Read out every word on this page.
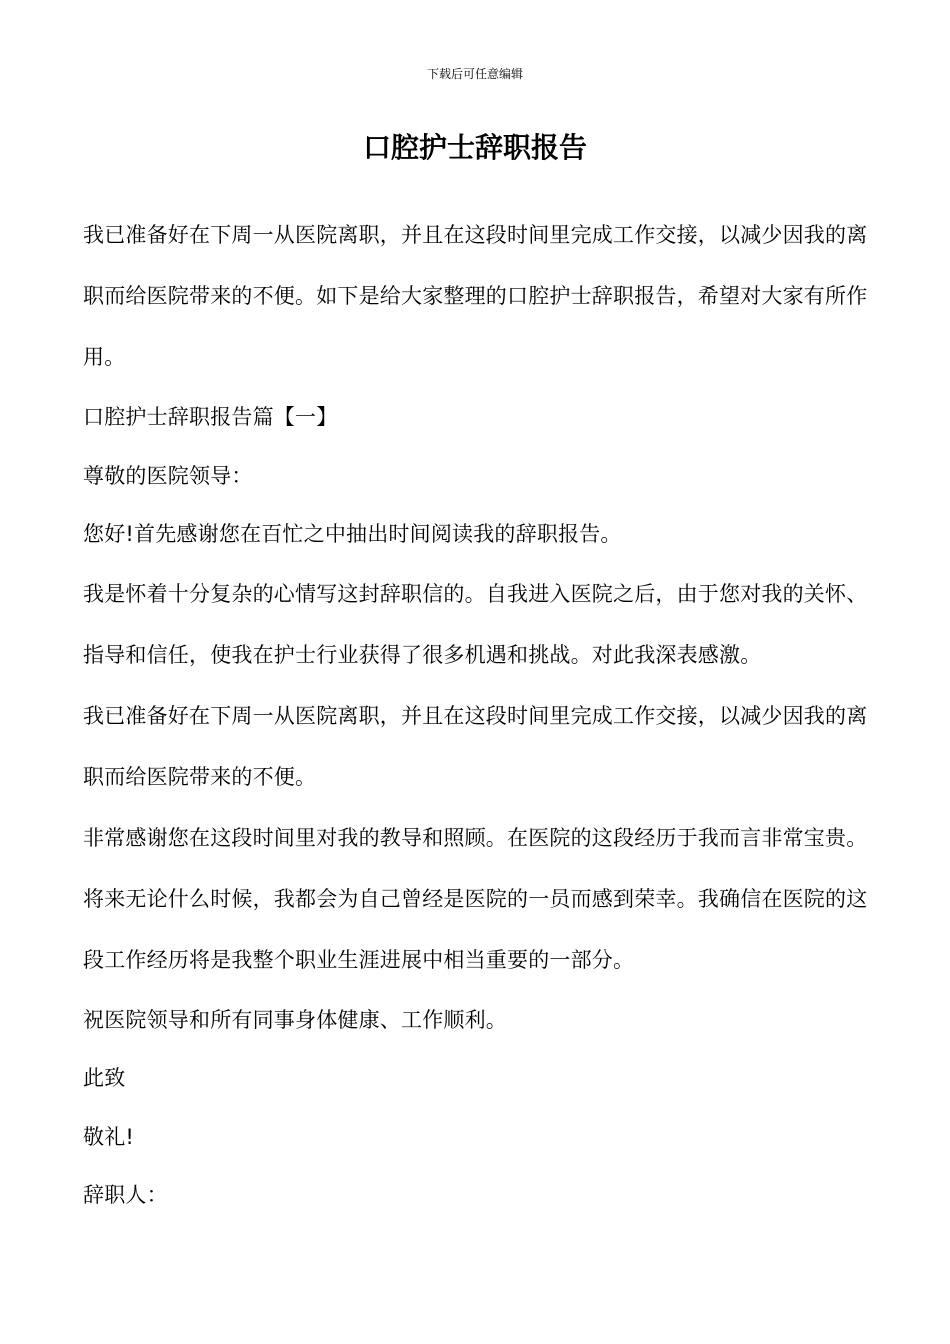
下载后可任意编辑
口腔护士辞职报告

我已准备好在下周一从医院离职，并且在这段时间里完成工作交接，以减少因我的离职而给医院带来的不便。如下是给大家整理的口腔护士辞职报告，希望对大家有所作用。

口腔护士辞职报告篇【一】

尊敬的医院领导：

您好!首先感谢您在百忙之中抽出时间阅读我的辞职报告。

我是怀着十分复杂的心情写这封辞职信的。自我进入医院之后，由于您对我的关怀、指导和信任，使我在护士行业获得了很多机遇和挑战。对此我深表感激。

我已准备好在下周一从医院离职，并且在这段时间里完成工作交接，以减少因我的离职而给医院带来的不便。

非常感谢您在这段时间里对我的教导和照顾。在医院的这段经历于我而言非常宝贵。将来无论什么时候，我都会为自己曾经是医院的一员而感到荣幸。我确信在医院的这段工作经历将是我整个职业生涯进展中相当重要的一部分。

祝医院领导和所有同事身体健康、工作顺利。

此致

敬礼!

辞职人：
